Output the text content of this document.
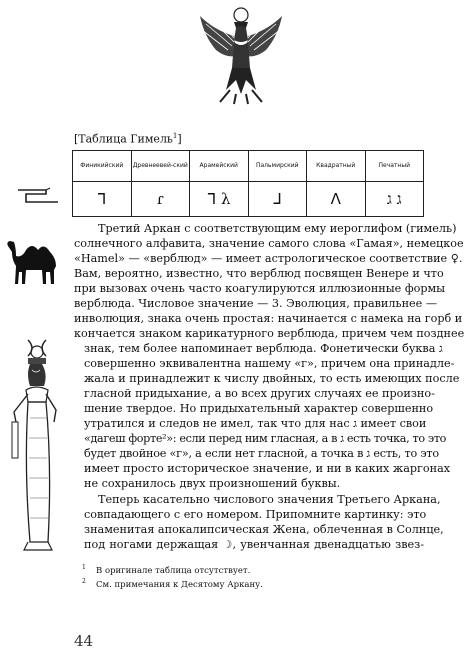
[Таблица Гимель$^1$]
Финикийский	Древнеевей-ский	Арамейский	Пальмирский	Квадратный	Печатный
ᒣ	ɾ	ᒣ λ	ᒧ	ꓥ	ג ג
Третий Аркан с соответствующим ему иероглифом (гимель)
солнечного алфавита, значение самого слова «Гамая», немецкое
«Hamel» — «верблюд» — имеет астрологическое соответствие ♀.
Вам, вероятно, известно, что верблюд посвящен Венере и что
при вызовах очень часто коагулируются иллюзионные формы
верблюда. Числовое значение — 3. Эволюция, правильнее —
инволюция, знака очень простая: начинается с намека на горб и
кончается знаком карикатурного верблюда, причем чем позднее
знак, тем более напоминает верблюда. Фонетически буква ג
совершенно эквивалентна нашему «г», причем она принадле-
жала и принадлежит к числу двойных, то есть имеющих после
гласной придыхание, а во всех других случаях ее произно-
шение твердое. Но придыхательный характер совершенно
утратился и следов не имел, так что для нас ג имеет свои
«дагеш форте²»: если перед ним гласная, а в ג есть точка, то это
будет двойное «г», а если нет гласной, а точка в ג есть, то это
имеет просто историческое значение, и ни в каких жаргонах
не сохранилось двух произношений буквы.
Теперь касательно числового значения Третьего Аркана,
совпадающего с его номером. Припомните картинку: это
знаменитая апокалипсическая Жена, облеченная в Солнце,
под ногами держащая ☽, увенчанная двенадцатью звез-
1 В оригинале таблица отсутствует.
2 См. примечания к Десятому Аркану.
44
